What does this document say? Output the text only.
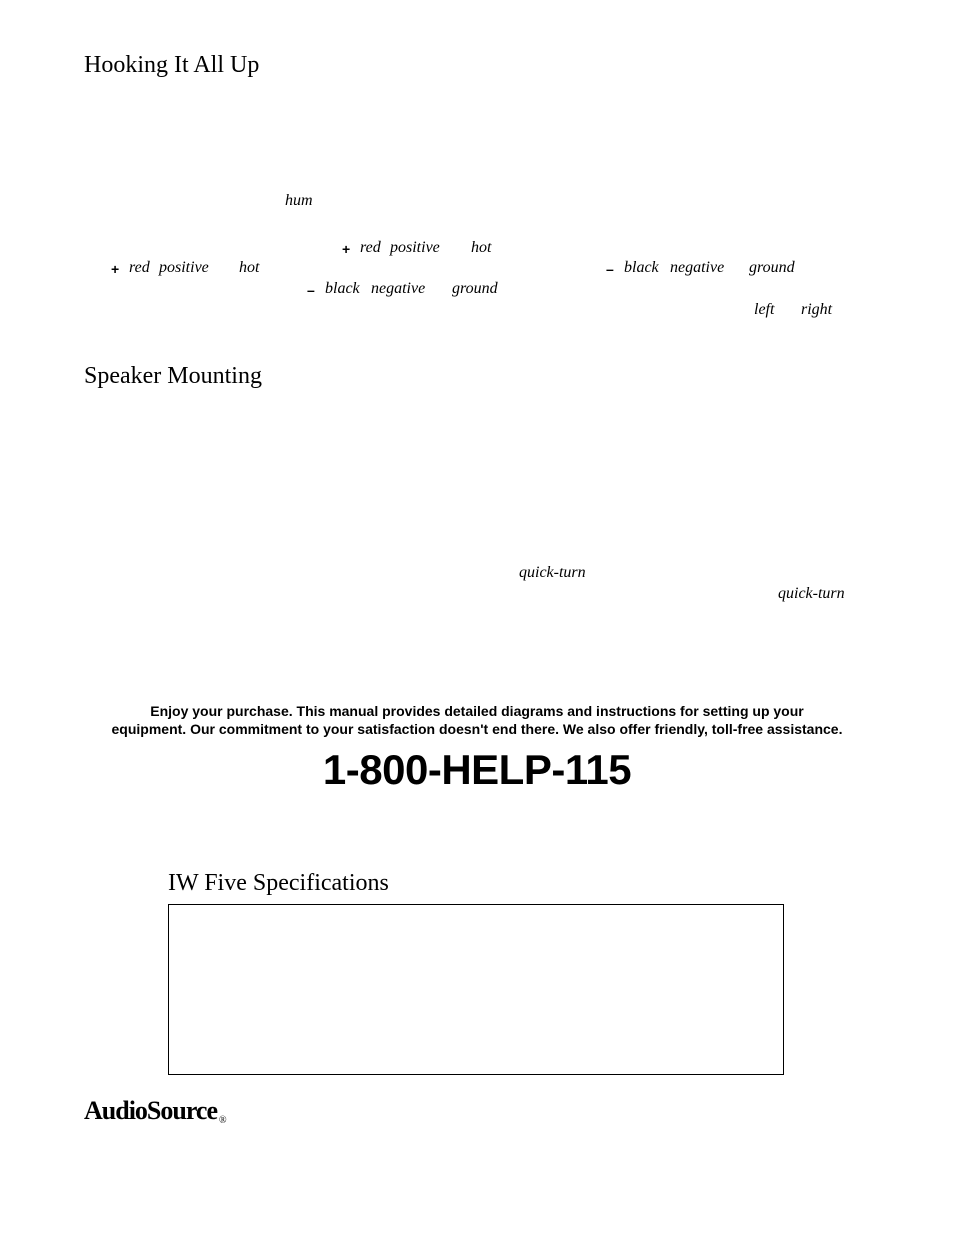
Hooking It All Up
hum
+ red positive hot
+ red positive hot	– black negative ground
– black negative ground
left right
Speaker Mounting
quick-turn
quick-turn
Enjoy your purchase. This manual provides detailed diagrams and instructions for setting up your
equipment. Our commitment to your satisfaction doesn't end there. We also offer friendly, toll-free assistance.
1-800-HELP-115
IW Five Specifications
AudioSource ®
